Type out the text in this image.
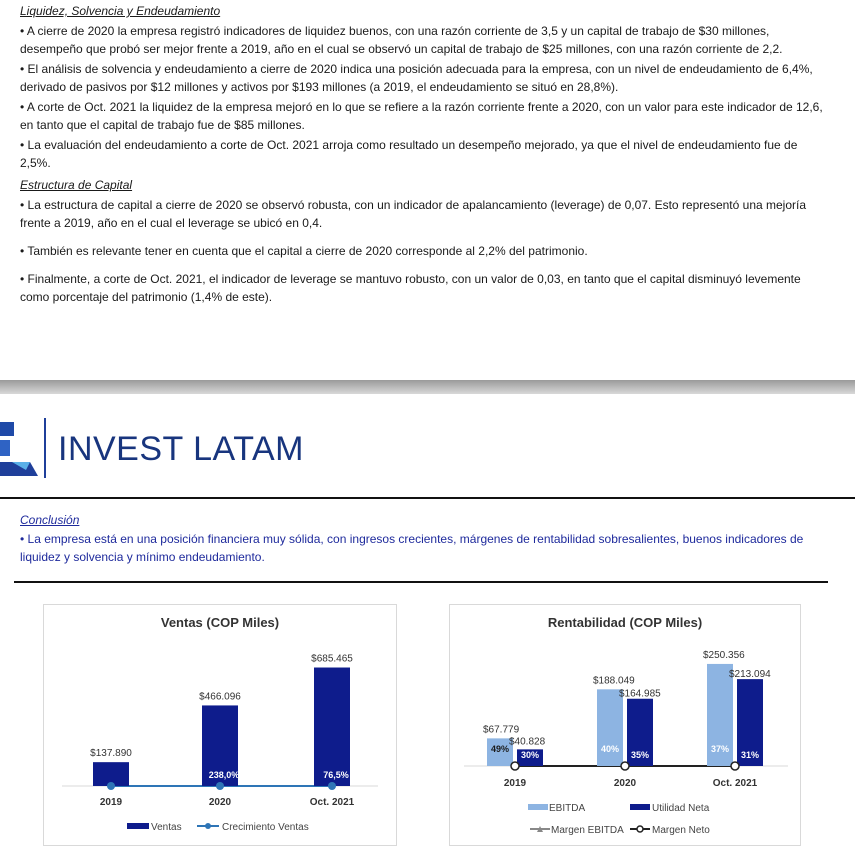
Liquidez, Solvencia y Endeudamiento

• A cierre de 2020 la empresa registró indicadores de liquidez buenos, con una razón corriente de 3,5 y un capital de trabajo de $30 millones, desempeño que probó ser mejor frente a 2019, año en el cual se observó un capital de trabajo de $25 millones, con una razón corriente de 2,2.

• El análisis de solvencia y endeudamiento a cierre de 2020 indica una posición adecuada para la empresa, con un nivel de endeudamiento de 6,4%, derivado de pasivos por $12 millones y activos por $193 millones (a 2019, el endeudamiento se situó en 28,8%).

• A corte de Oct. 2021 la liquidez de la empresa mejoró en lo que se refiere a la razón corriente frente a 2020, con un valor para este indicador de 12,6, en tanto que el capital de trabajo fue de $85 millones.

• La evaluación del endeudamiento a corte de Oct. 2021 arroja como resultado un desempeño mejorado, ya que el nivel de endeudamiento fue de 2,5%.

Estructura de Capital

• La estructura de capital a cierre de 2020 se observó robusta, con un indicador de apalancamiento (leverage) de 0,07. Esto representó una mejoría frente a 2019, año en el cual el leverage se ubicó en 0,4.

• También es relevante tener en cuenta que el capital a cierre de 2020 corresponde al 2,2% del patrimonio.

• Finalmente, a corte de Oct. 2021, el indicador de leverage se mantuvo robusto, con un valor de 0,03, en tanto que el capital disminuyó levemente como porcentaje del patrimonio (1,4% de este).

INVEST LATAM
Conclusión

• La empresa está en una posición financiera muy sólida, con ingresos crecientes, márgenes de rentabilidad sobresalientes, buenos indicadores de liquidez y solvencia y mínimo endeudamiento.

Ventas (COP Miles)
$137.890
2019
$466.096
238,0%
2020
$685.465
76,5%
Oct. 2021
Ventas	Crecimiento Ventas
Rentabilidad (COP Miles)
$67.779
$40.828
49%
30%
2019
$188.049
$164.985
40%
35%
2020
$250.356
$213.094
37%
31%
Oct. 2021
EBITDA	Utilidad Neta
Margen EBITDA	Margen Neto
